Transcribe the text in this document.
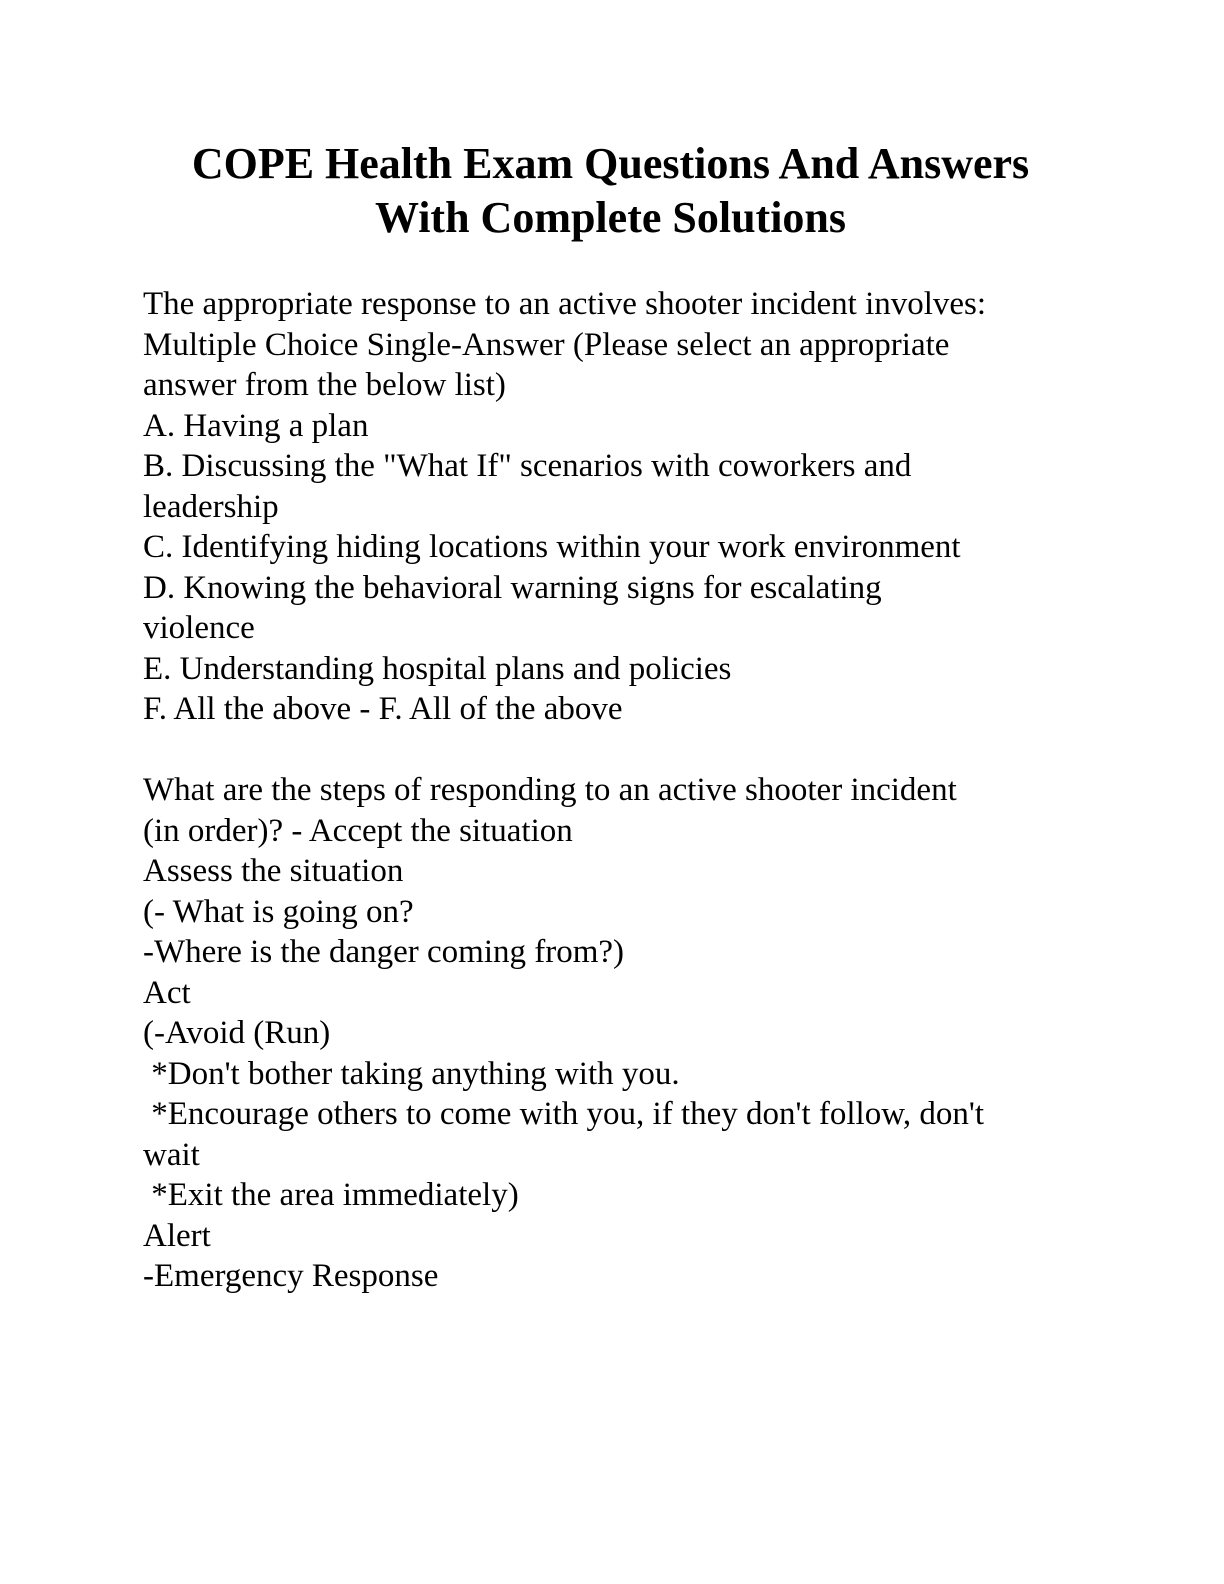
COPE Health Exam Questions And Answers
With Complete Solutions
The appropriate response to an active shooter incident involves:
Multiple Choice Single-Answer (Please select an appropriate
answer from the below list)
A. Having a plan
B. Discussing the "What If" scenarios with coworkers and
leadership
C. Identifying hiding locations within your work environment
D. Knowing the behavioral warning signs for escalating
violence
E. Understanding hospital plans and policies
F. All the above - F. All of the above
What are the steps of responding to an active shooter incident
(in order)? - Accept the situation
Assess the situation
(- What is going on?
-Where is the danger coming from?)
Act
(-Avoid (Run)
*Don't bother taking anything with you.
*Encourage others to come with you, if they don't follow, don't
wait
*Exit the area immediately)
Alert
-Emergency Response
